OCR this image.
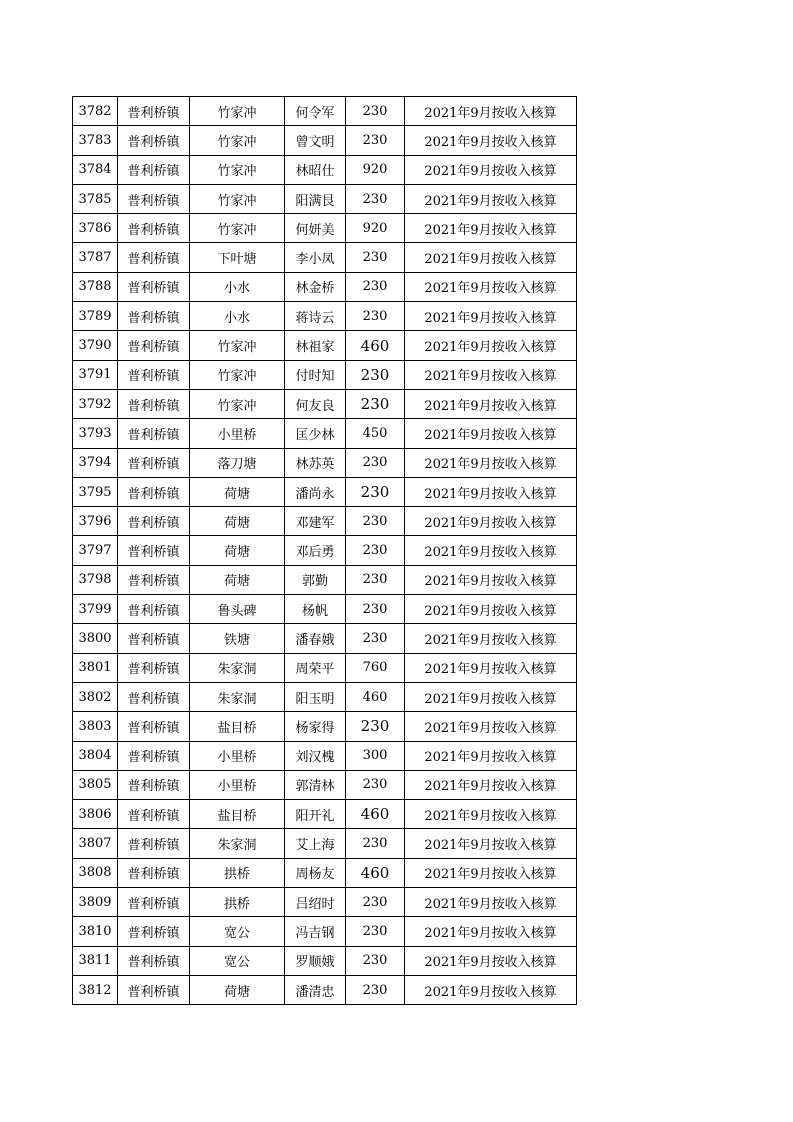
3782	普利桥镇	竹家冲	何令军	230	2021年9月按收入核算
3783	普利桥镇	竹家冲	曾文明	230	2021年9月按收入核算
3784	普利桥镇	竹家冲	林昭仕	920	2021年9月按收入核算
3785	普利桥镇	竹家冲	阳满艮	230	2021年9月按收入核算
3786	普利桥镇	竹家冲	何妍美	920	2021年9月按收入核算
3787	普利桥镇	下叶塘	李小凤	230	2021年9月按收入核算
3788	普利桥镇	小水	林金桥	230	2021年9月按收入核算
3789	普利桥镇	小水	蒋诗云	230	2021年9月按收入核算
3790	普利桥镇	竹家冲	林祖家	460	2021年9月按收入核算
3791	普利桥镇	竹家冲	付时知	230	2021年9月按收入核算
3792	普利桥镇	竹家冲	何友良	230	2021年9月按收入核算
3793	普利桥镇	小里桥	匡少林	450	2021年9月按收入核算
3794	普利桥镇	落刀塘	林苏英	230	2021年9月按收入核算
3795	普利桥镇	荷塘	潘尚永	230	2021年9月按收入核算
3796	普利桥镇	荷塘	邓建军	230	2021年9月按收入核算
3797	普利桥镇	荷塘	邓后勇	230	2021年9月按收入核算
3798	普利桥镇	荷塘	郭勤	230	2021年9月按收入核算
3799	普利桥镇	鲁头碑	杨帆	230	2021年9月按收入核算
3800	普利桥镇	铁塘	潘春娥	230	2021年9月按收入核算
3801	普利桥镇	朱家洞	周荣平	760	2021年9月按收入核算
3802	普利桥镇	朱家洞	阳玉明	460	2021年9月按收入核算
3803	普利桥镇	盐目桥	杨家得	230	2021年9月按收入核算
3804	普利桥镇	小里桥	刘汉槐	300	2021年9月按收入核算
3805	普利桥镇	小里桥	郭清林	230	2021年9月按收入核算
3806	普利桥镇	盐目桥	阳开礼	460	2021年9月按收入核算
3807	普利桥镇	朱家洞	艾上海	230	2021年9月按收入核算
3808	普利桥镇	拱桥	周杨友	460	2021年9月按收入核算
3809	普利桥镇	拱桥	吕绍时	230	2021年9月按收入核算
3810	普利桥镇	宽公	冯吉钢	230	2021年9月按收入核算
3811	普利桥镇	宽公	罗顺娥	230	2021年9月按收入核算
3812	普利桥镇	荷塘	潘清忠	230	2021年9月按收入核算
